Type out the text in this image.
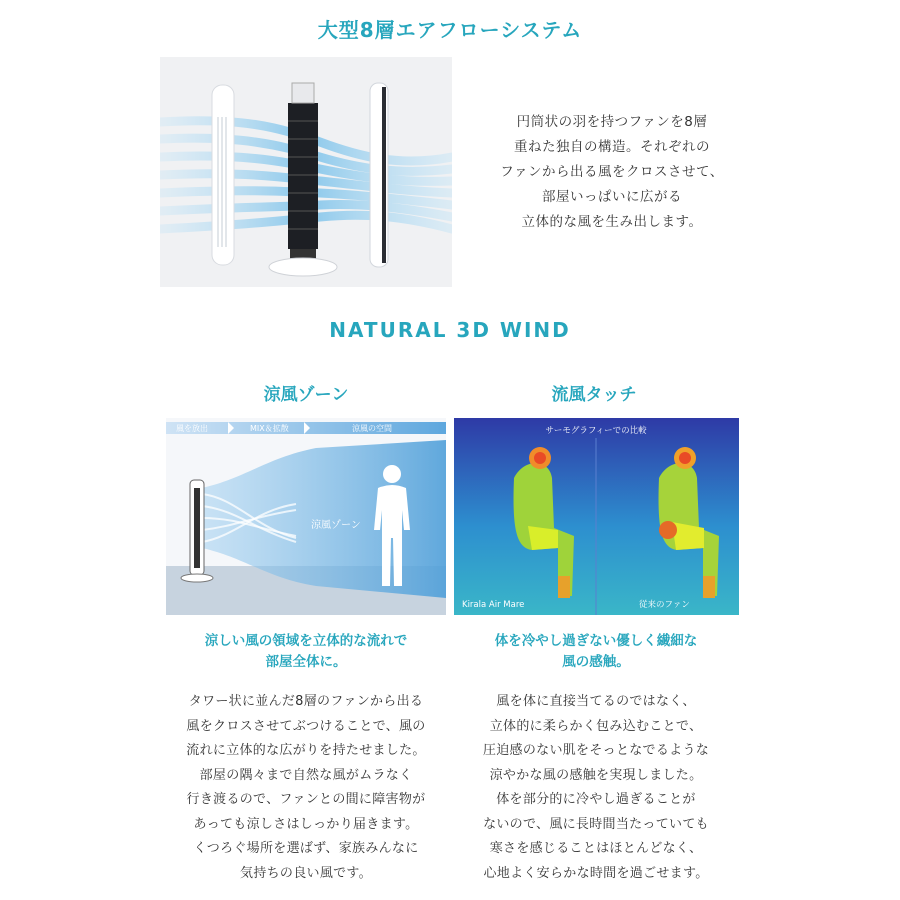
大型8層エアフローシステム
円筒状の羽を持つファンを8層
重ねた独自の構造。それぞれの
ファンから出る風をクロスさせて、
部屋いっぱいに広がる
立体的な風を生み出します。
NATURAL 3D WIND
涼風ゾーン	流風タッチ
風を放出	MIX＆拡散	涼風の空間
涼風ゾーン
サーモグラフィーでの比較
Kirala Air Mare	従来のファン
涼しい風の領域を立体的な流れで
部屋全体に。
体を冷やし過ぎない優しく繊細な
風の感触。
タワー状に並んだ8層のファンから出る
風をクロスさせてぶつけることで、風の
流れに立体的な広がりを持たせました。
部屋の隅々まで自然な風がムラなく
行き渡るので、ファンとの間に障害物が
あっても涼しさはしっかり届きます。
くつろぐ場所を選ばず、家族みんなに
気持ちの良い風です。
風を体に直接当てるのではなく、
立体的に柔らかく包み込むことで、
圧迫感のない肌をそっとなでるような
涼やかな風の感触を実現しました。
体を部分的に冷やし過ぎることが
ないので、風に長時間当たっていても
寒さを感じることはほとんどなく、
心地よく安らかな時間を過ごせます。
